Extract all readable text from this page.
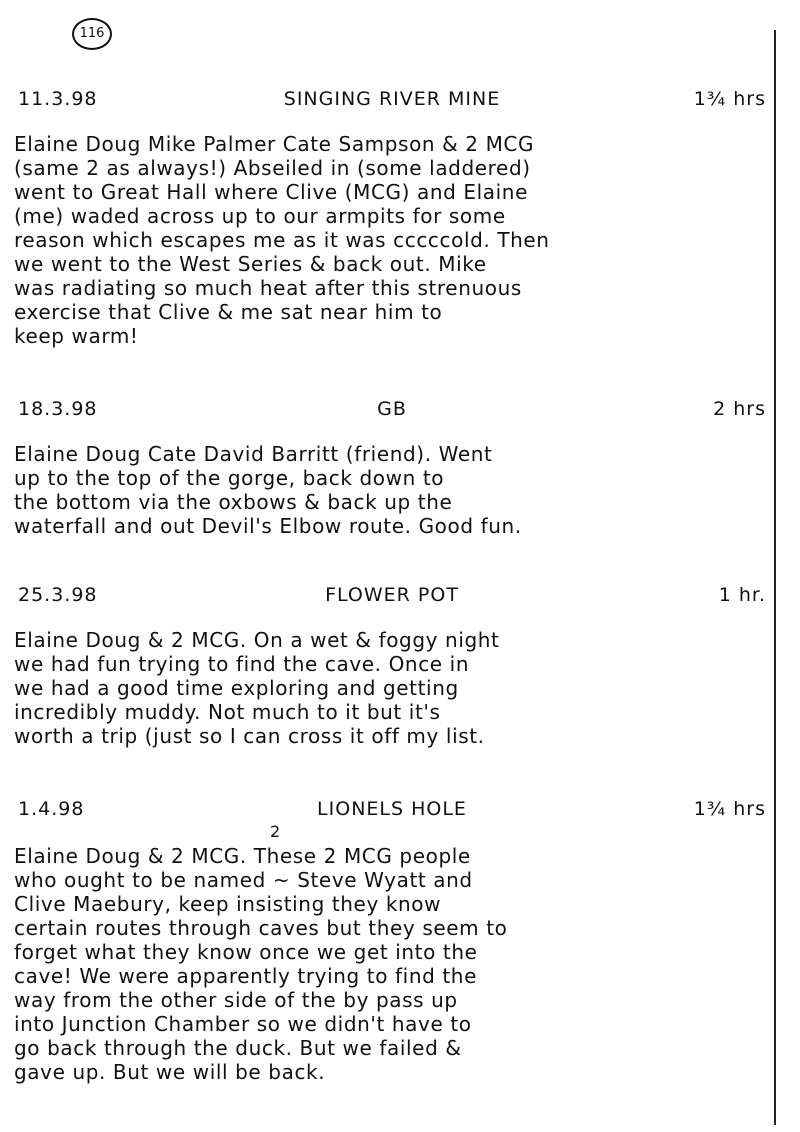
116
11.3.98	SINGING RIVER MINE	1¾ hrs
Elaine Doug Mike Palmer Cate Sampson & 2 MCG
(same 2 as always!) Abseiled in (some laddered)
went to Great Hall where Clive (MCG) and Elaine
(me) waded across up to our armpits for some
reason which escapes me as it was cccccold. Then
we went to the West Series & back out. Mike
was radiating so much heat after this strenuous
exercise that Clive & me sat near him to
keep warm!
18.3.98	GB	2 hrs
Elaine Doug Cate David Barritt (friend). Went
up to the top of the gorge, back down to
the bottom via the oxbows & back up the
waterfall and out Devil's Elbow route. Good fun.
25.3.98	FLOWER POT	1 hr.
Elaine Doug & 2 MCG. On a wet & foggy night
we had fun trying to find the cave. Once in
we had a good time exploring and getting
incredibly muddy. Not much to it but it's
worth a trip (just so I can cross it off my list.
1.4.98	LIONELS HOLE	1¾ hrs
2
Elaine Doug & 2 MCG. These 2 MCG people
who ought to be named ~ Steve Wyatt and
Clive Maebury, keep insisting they know
certain routes through caves but they seem to
forget what they know once we get into the
cave! We were apparently trying to find the
way from the other side of the by pass up
into Junction Chamber so we didn't have to
go back through the duck. But we failed &
gave up. But we will be back.
